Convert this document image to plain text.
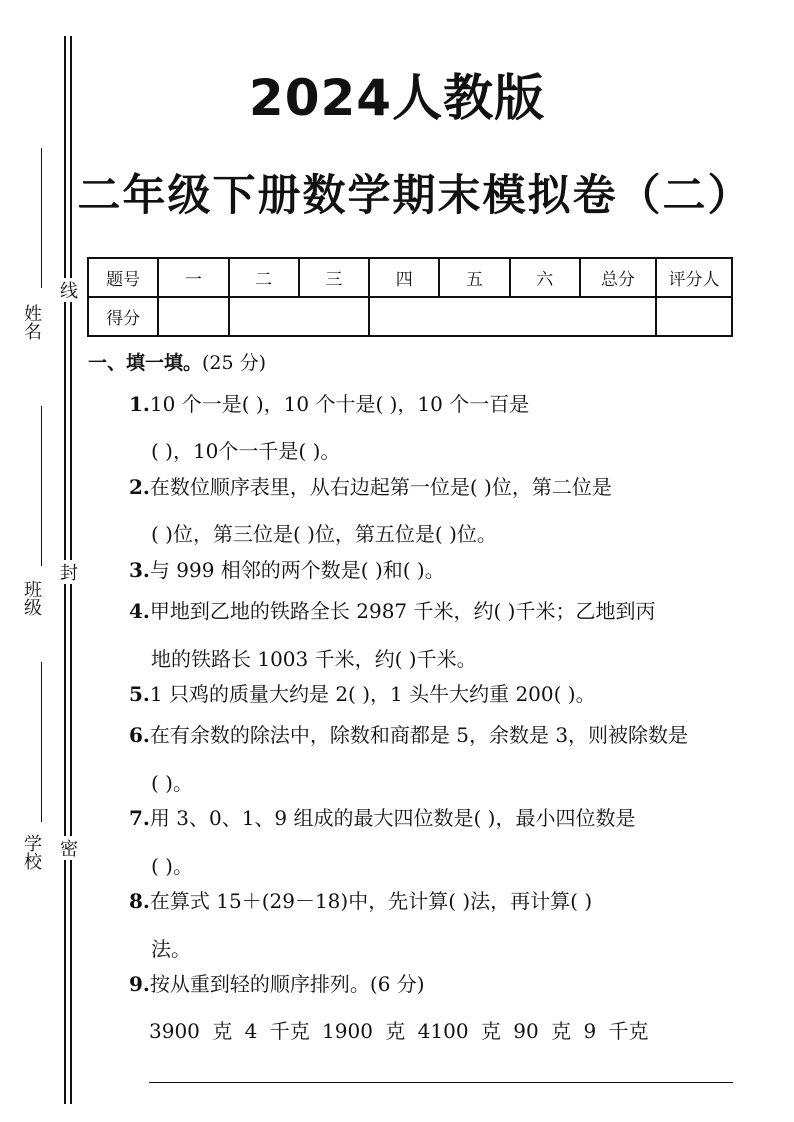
姓名
线
班级
封
学校 密
2024人教版
二年级下册数学期末模拟卷（二）
题号	一	二	三	四	五	六	总分	评分人
得分								
一、填一填。(25 分)
1.10 个一是( )，10 个十是( )，10 个一百是
( )，10个一千是( )。
2.在数位顺序表里，从右边起第一位是( )位，第二位是
( )位，第三位是( )位，第五位是( )位。
3.与 999 相邻的两个数是( )和( )。
4.甲地到乙地的铁路全长 2987 千米，约( )千米；乙地到丙
地的铁路长 1003 千米，约( )千米。
5.1 只鸡的质量大约是 2( )，1 头牛大约重 200( )。
6.在有余数的除法中，除数和商都是 5，余数是 3，则被除数是
( )。
7.用 3、0、1、9 组成的最大四位数是( )，最小四位数是
( )。
8.在算式 15＋(29－18)中，先计算( )法，再计算( )
法。
9.按从重到轻的顺序排列。(6 分)
3900 克 4 千克 1900 克 4100 克 90 克 9 千克
